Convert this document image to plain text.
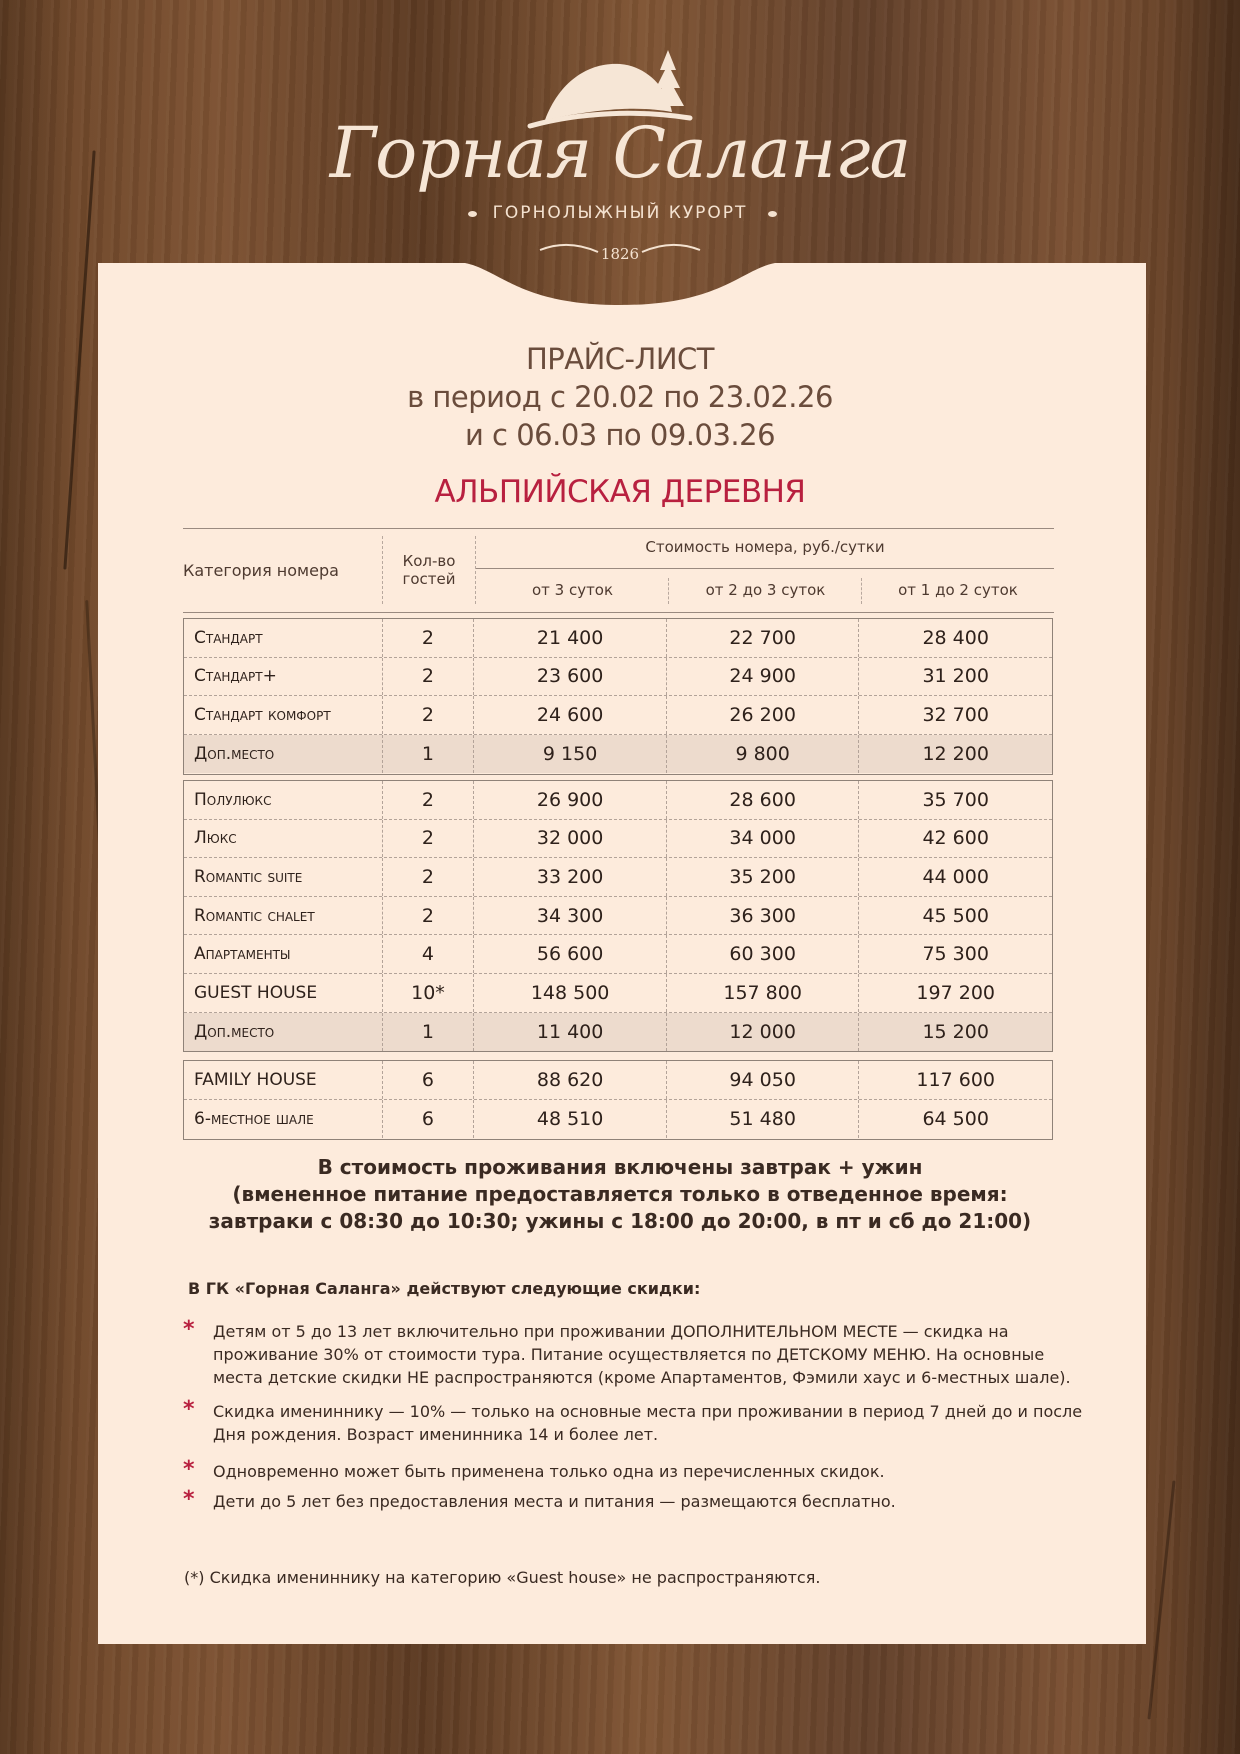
Горная Саланга
ГОРНОЛЫЖНЫЙ КУРОРТ
1826
ПРАЙС-ЛИСТ
в период с 20.02 по 23.02.26
и с 06.03 по 09.03.26
АЛЬПИЙСКАЯ ДЕРЕВНЯ
Категория номера	Кол-во
гостей
Стоимость номера, руб./сутки
от 3 суток	от 2 до 3 суток	от 1 до 2 суток
Стандарт	2	21 400	22 700	28 400
Стандарт+	2	23 600	24 900	31 200
Стандарт комфорт	2	24 600	26 200	32 700
Доп.место	1	9 150	9 800	12 200
Полулюкс	2	26 900	28 600	35 700
Люкс	2	32 000	34 000	42 600
Romantic suite	2	33 200	35 200	44 000
Romantic chalet	2	34 300	36 300	45 500
Апартаменты	4	56 600	60 300	75 300
GUEST HOUSE	10*	148 500	157 800	197 200
Доп.место	1	11 400	12 000	15 200
FAMILY HOUSE	6	88 620	94 050	117 600
6-местное шале	6	48 510	51 480	64 500
В стоимость проживания включены завтрак + ужин
(вмененное питание предоставляется только в отведенное время:
завтраки с 08:30 до 10:30; ужины с 18:00 до 20:00, в пт и сб до 21:00)
В ГК «Горная Саланга» действуют следующие скидки:
* Детям от 5 до 13 лет включительно при проживании ДОПОЛНИТЕЛЬНОМ МЕСТЕ — скидка на проживание 30% от стоимости тура. Питание осуществляется по ДЕТСКОМУ МЕНЮ. На основные места детские скидки НЕ распространяются (кроме Апартаментов, Фэмили хаус и 6-местных шале).
* Скидка имениннику — 10% — только на основные места при проживании в период 7 дней до и после Дня рождения. Возраст именинника 14 и более лет.
* Одновременно может быть применена только одна из перечисленных скидок.
* Дети до 5 лет без предоставления места и питания — размещаются бесплатно.
(*) Скидка имениннику на категорию «Guest house» не распространяются.
